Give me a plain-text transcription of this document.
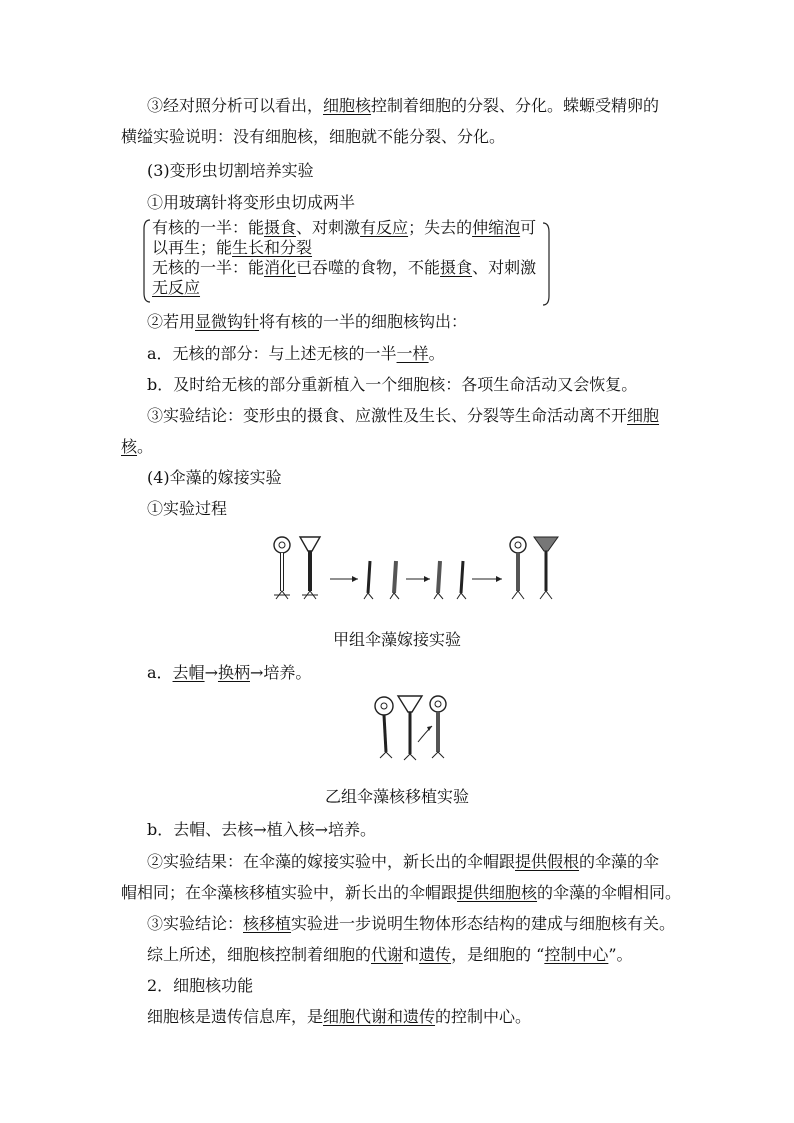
③经对照分析可以看出，细胞核控制着细胞的分裂、分化。蝾螈受精卵的
横缢实验说明：没有细胞核，细胞就不能分裂、分化。
(3)变形虫切割培养实验
①用玻璃针将变形虫切成两半
有核的一半：能摄食、对刺激有反应；失去的伸缩泡可
以再生；能生长和分裂
无核的一半：能消化已吞噬的食物，不能摄食、对刺激
无反应
②若用显微钩针将有核的一半的细胞核钩出：
a．无核的部分：与上述无核的一半一样。
b．及时给无核的部分重新植入一个细胞核：各项生命活动又会恢复。
③实验结论：变形虫的摄食、应激性及生长、分裂等生命活动离不开细胞
核。
(4)伞藻的嫁接实验
①实验过程
甲组伞藻嫁接实验
a．去帽→换柄→培养。
乙组伞藻核移植实验
b．去帽、去核→植入核→培养。
②实验结果：在伞藻的嫁接实验中，新长出的伞帽跟提供假根的伞藻的伞
帽相同；在伞藻核移植实验中，新长出的伞帽跟提供细胞核的伞藻的伞帽相同。
③实验结论：核移植实验进一步说明生物体形态结构的建成与细胞核有关。
综上所述，细胞核控制着细胞的代谢和遗传，是细胞的 “控制中心”。
2．细胞核功能
细胞核是遗传信息库，是细胞代谢和遗传的控制中心。
